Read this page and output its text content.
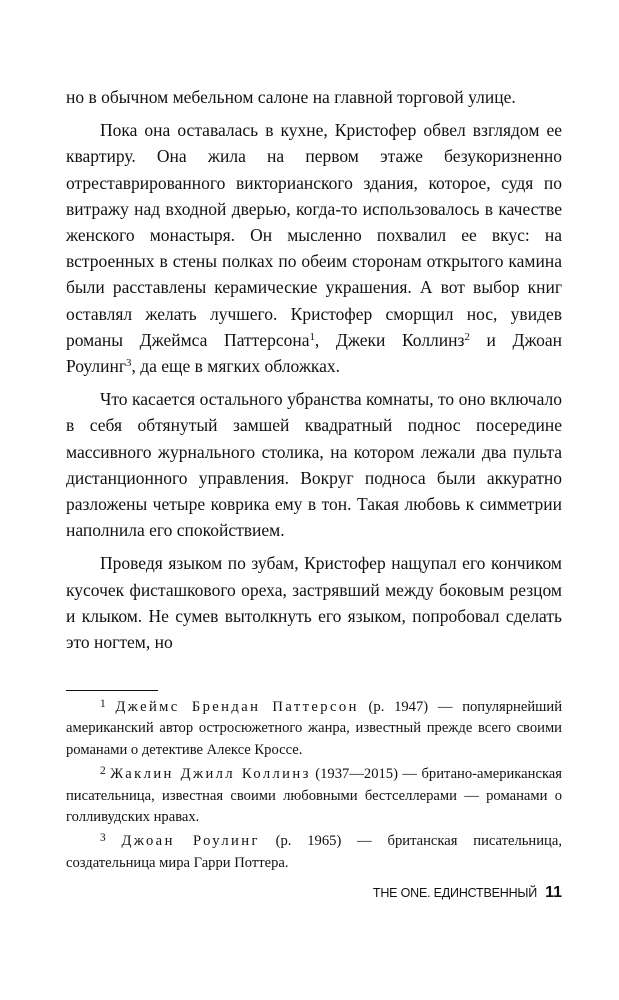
но в обычном мебельном салоне на главной торговой улице.

Пока она оставалась в кухне, Кристофер обвел взглядом ее квартиру. Она жила на первом этаже безукоризненно отреставрированного викторианского здания, которое, судя по витражу над входной дверью, когда-то использовалось в качестве женского монастыря. Он мысленно похвалил ее вкус: на встроенных в стены полках по обеим сторонам открытого камина были расставлены керамические украшения. А вот выбор книг оставлял желать лучшего. Кристофер сморщил нос, увидев романы Джеймса Паттерсона$^1$, Джеки Коллинз$^2$ и Джоан Роулинг$^3$, да еще в мягких обложках.

Что касается остального убранства комнаты, то оно включало в себя обтянутый замшей квадратный поднос посередине массивного журнального столика, на котором лежали два пульта дистанционного управления. Вокруг подноса были аккуратно разложены четыре коврика ему в тон. Такая любовь к симметрии наполнила его спокойствием.

Проведя языком по зубам, Кристофер нащупал его кончиком кусочек фисташкового ореха, застрявший между боковым резцом и клыком. Не сумев вытолкнуть его языком, попробовал сделать это ногтем, но

$^1$ Джеймс Брендан Паттерсон (р. 1947) — популярнейший американский автор остросюжетного жанра, известный прежде всего своими романами о детективе Алексе Кроссе.

$^2$ Жаклин Джилл Коллинз (1937—2015) — британо-американская писательница, известная своими любовными бестселлерами — романами о голливудских нравах.

$^3$ Джоан Роулинг (р. 1965) — британская писательница, создательница мира Гарри Поттера.

THE ONE. ЕДИНСТВЕННЫЙ 11
